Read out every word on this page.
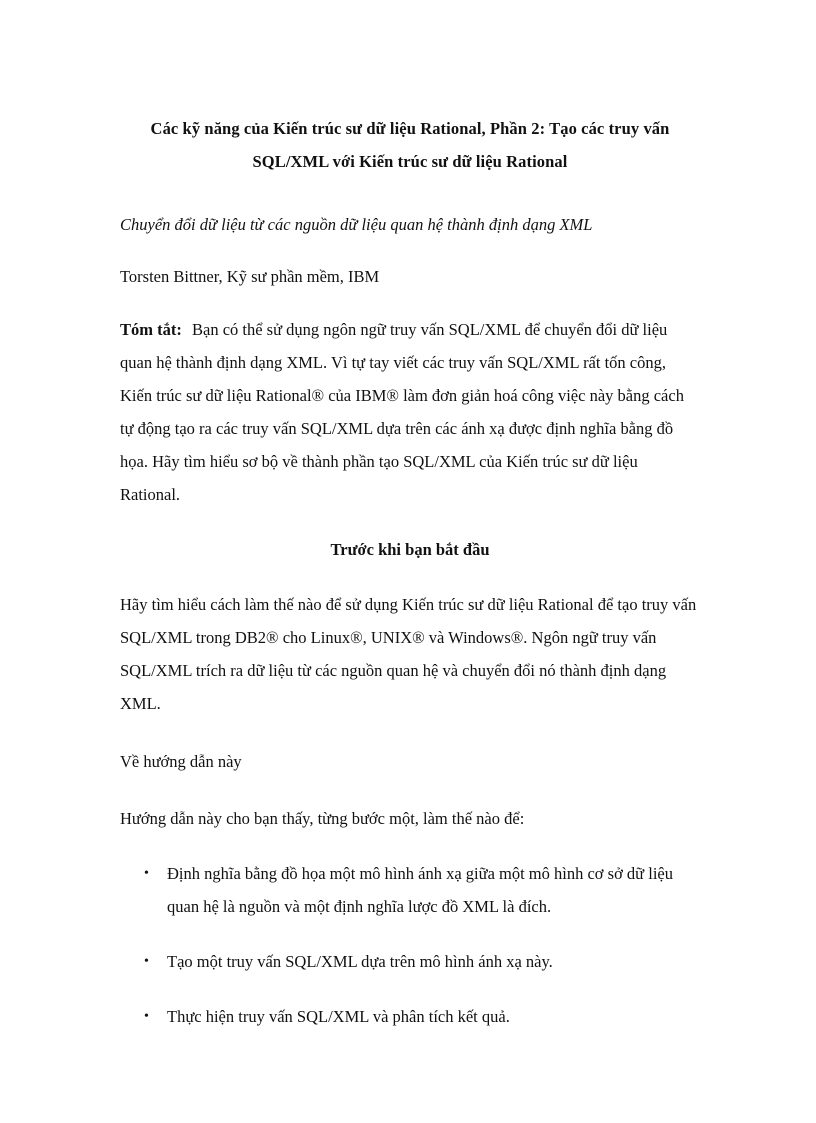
Các kỹ năng của Kiến trúc sư dữ liệu Rational, Phần 2: Tạo các truy vấn SQL/XML với Kiến trúc sư dữ liệu Rational

Chuyển đổi dữ liệu từ các nguồn dữ liệu quan hệ thành định dạng XML

Torsten Bittner, Kỹ sư phần mềm, IBM

Tóm tắt: Bạn có thể sử dụng ngôn ngữ truy vấn SQL/XML để chuyển đổi dữ liệu quan hệ thành định dạng XML. Vì tự tay viết các truy vấn SQL/XML rất tốn công, Kiến trúc sư dữ liệu Rational® của IBM® làm đơn giản hoá công việc này bằng cách tự động tạo ra các truy vấn SQL/XML dựa trên các ánh xạ được định nghĩa bằng đồ họa. Hãy tìm hiểu sơ bộ về thành phần tạo SQL/XML của Kiến trúc sư dữ liệu Rational.

Trước khi bạn bắt đầu

Hãy tìm hiểu cách làm thế nào để sử dụng Kiến trúc sư dữ liệu Rational để tạo truy vấn SQL/XML trong DB2® cho Linux®, UNIX® và Windows®. Ngôn ngữ truy vấn SQL/XML trích ra dữ liệu từ các nguồn quan hệ và chuyển đổi nó thành định dạng XML.

Về hướng dẫn này

Hướng dẫn này cho bạn thấy, từng bước một, làm thế nào để:

• Định nghĩa bằng đồ họa một mô hình ánh xạ giữa một mô hình cơ sở dữ liệu quan hệ là nguồn và một định nghĩa lược đồ XML là đích.
• Tạo một truy vấn SQL/XML dựa trên mô hình ánh xạ này.
• Thực hiện truy vấn SQL/XML và phân tích kết quả.
